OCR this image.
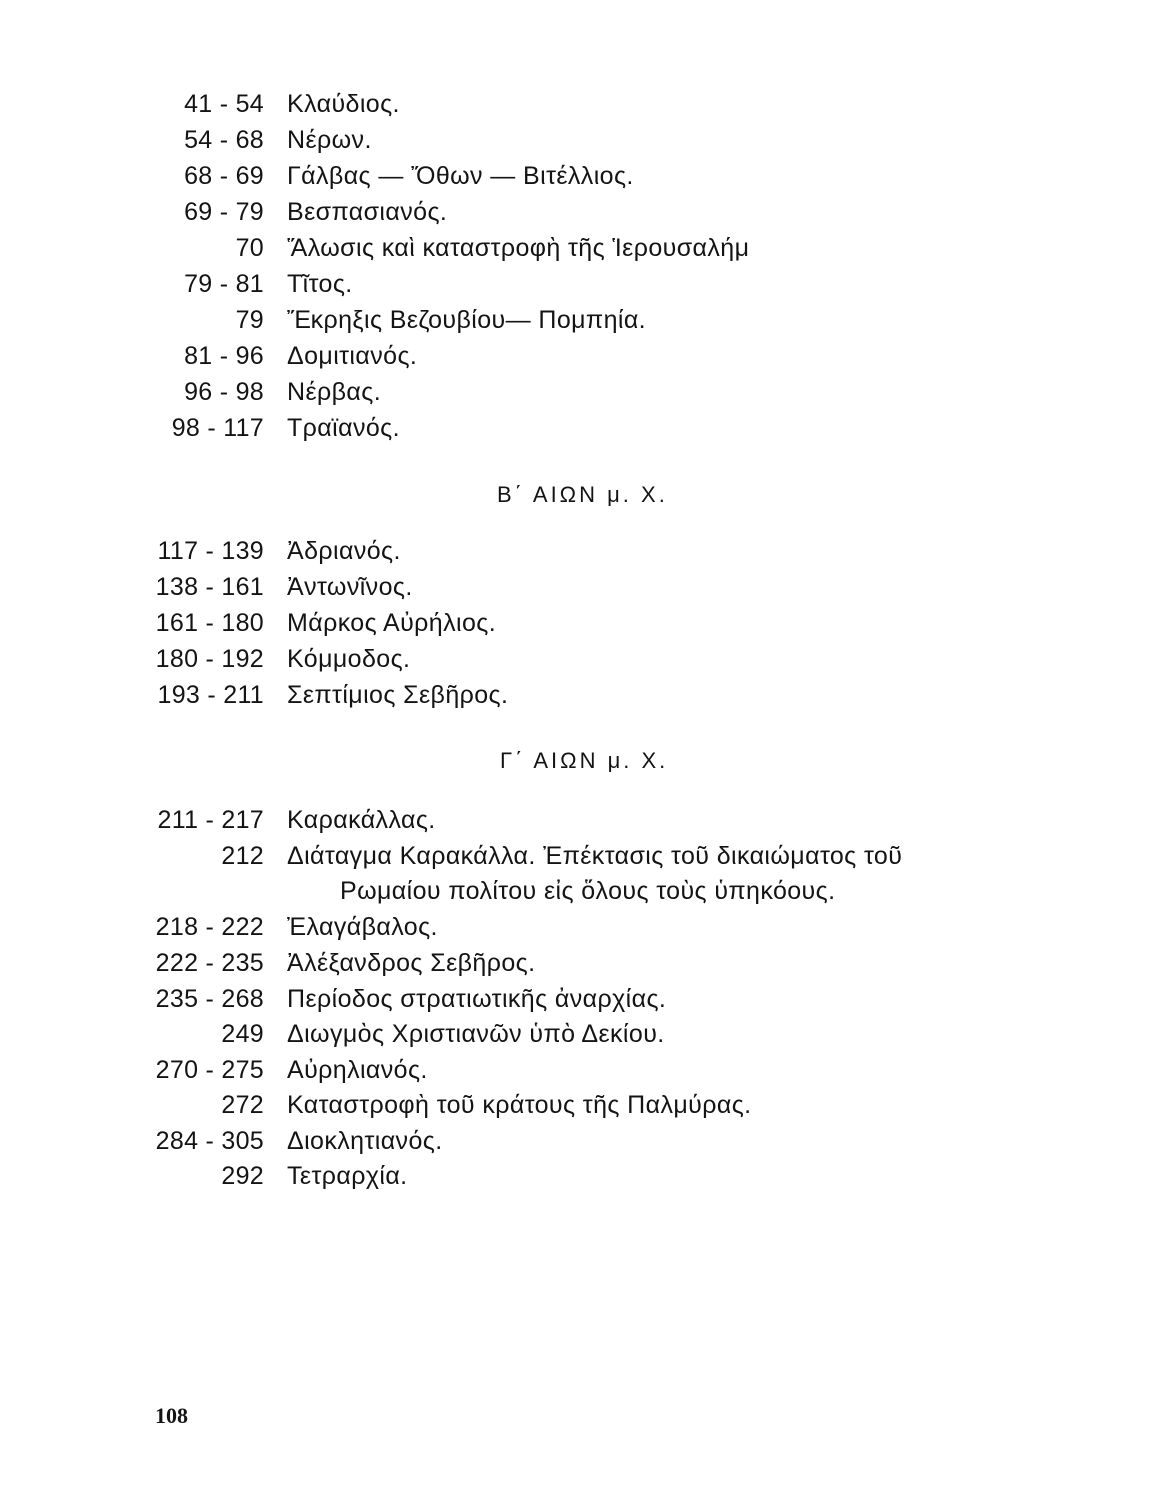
41 - 54 Κλαύδιος.
54 - 68 Νέρων.
68 - 69 Γάλβας — Ὄθων — Βιτέλλιος.
69 - 79 Βεσπασιανός.
70 Ἅλωσις καὶ καταστροφὴ τῆς Ἱερουσαλήμ
79 - 81 Τῖτος.
79 Ἔκρηξις Βεζουβίου— Πομπηία.
81 - 96 Δομιτιανός.
96 - 98 Νέρβας.
98 - 117 Τραϊανός.
Β΄ ΑΙΩΝ μ. Χ.
117 - 139 Ἀδριανός.
138 - 161 Ἀντωνῖνος.
161 - 180 Μάρκος Αὐρήλιος.
180 - 192 Κόμμοδος.
193 - 211 Σεπτίμιος Σεβῆρος.
Γ΄ ΑΙΩΝ μ. Χ.
211 - 217 Καρακάλλας.
212 Διάταγμα Καρακάλλα. Ἐπέκτασις τοῦ δικαιώματος τοῦ
Ρωμαίου πολίτου εἰς ὅλους τοὺς ὑπηκόους.
218 - 222 Ἐλαγάβαλος.
222 - 235 Ἀλέξανδρος Σεβῆρος.
235 - 268 Περίοδος στρατιωτικῆς ἀναρχίας.
249 Διωγμὸς Χριστιανῶν ὑπὸ Δεκίου.
270 - 275 Αὐρηλιανός.
272 Καταστροφὴ τοῦ κράτους τῆς Παλμύρας.
284 - 305 Διοκλητιανός.
292 Τετραρχία.
108
